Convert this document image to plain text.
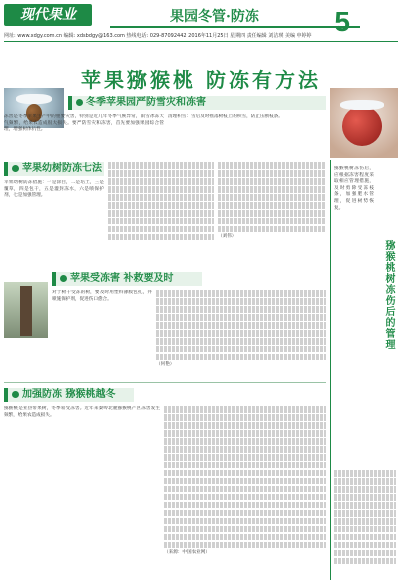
现代果业	果园冬管·防冻	5
网址: www.xdgy.com.cn 编辑: xdsbdgy@163.com 热线电话: 029-87092442 2016年11月25日 星期四 责任编辑 刘洁瑛 美编 申婷婷
苹果猕猴桃 防冻有方法
冬季苹果园严防雪灾和冻害
冻害是冬季苹果生产中的重要灾害，特别是近几年冬季气候异常，雨雪冰冻天气频繁，给果农造成很大损失。要严防雪灾和冻害，首先要加强果园综合管理，增强树体抗性。
清理积雪：雪后及时摇落树枝上的积雪，防止压断枝条。
苹果幼树防冻七法
苹果幼树防冻措施：一是涂白，二是培土，三是覆草，四是包干，五是灌封冻水，六是喷保护剂，七是加强管理。
（刘伟）
苹果受冻害 补救要及时
对于树干受冻的树，要及时用塑料薄膜包扎，并喷施保护剂，促进伤口愈合。
（何艳）
加强防冻 猕猴桃越冬
猕猴桃是亚热带果树，冬季易受冻害。近年来秦岭北麓猕猴桃产区冻害发生频繁，给果农造成损失。
（来源：中国农业网）
猕猴桃树冻伤后，应根据冻害程度采取相应管理措施，及时剪除受冻枝条，加强肥水管理，促进树势恢复。
猕猴桃树冻伤后的管理
